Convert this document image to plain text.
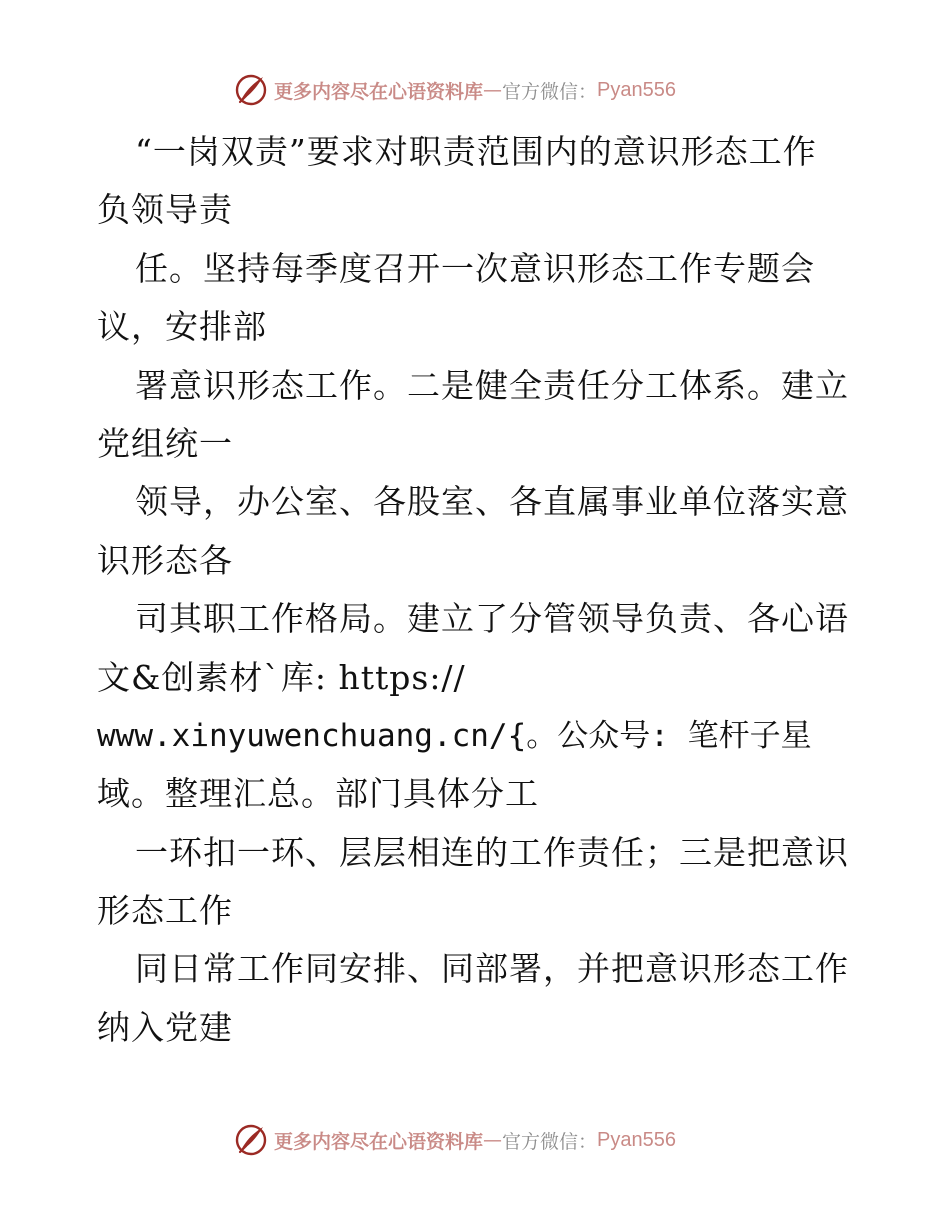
更多内容尽在心语资料库 — 官方微信： Pyan556
“一岗双责”要求对职责范围内的意识形态工作
负领导责
任。坚持每季度召开一次意识形态工作专题会
议，安排部
署意识形态工作。二是健全责任分工体系。建立
党组统一
领导，办公室、各股室、各直属事业单位落实意
识形态各
司其职工作格局。建立了分管领导负责、各心语
文&创素材`库: https://
www.xinyuwenchuang.cn/{。公众号: 笔杆子星
域。整理汇总。部门具体分工
一环扣一环、层层相连的工作责任；三是把意识
形态工作
同日常工作同安排、同部署，并把意识形态工作
纳入党建
更多内容尽在心语资料库 — 官方微信： Pyan556
